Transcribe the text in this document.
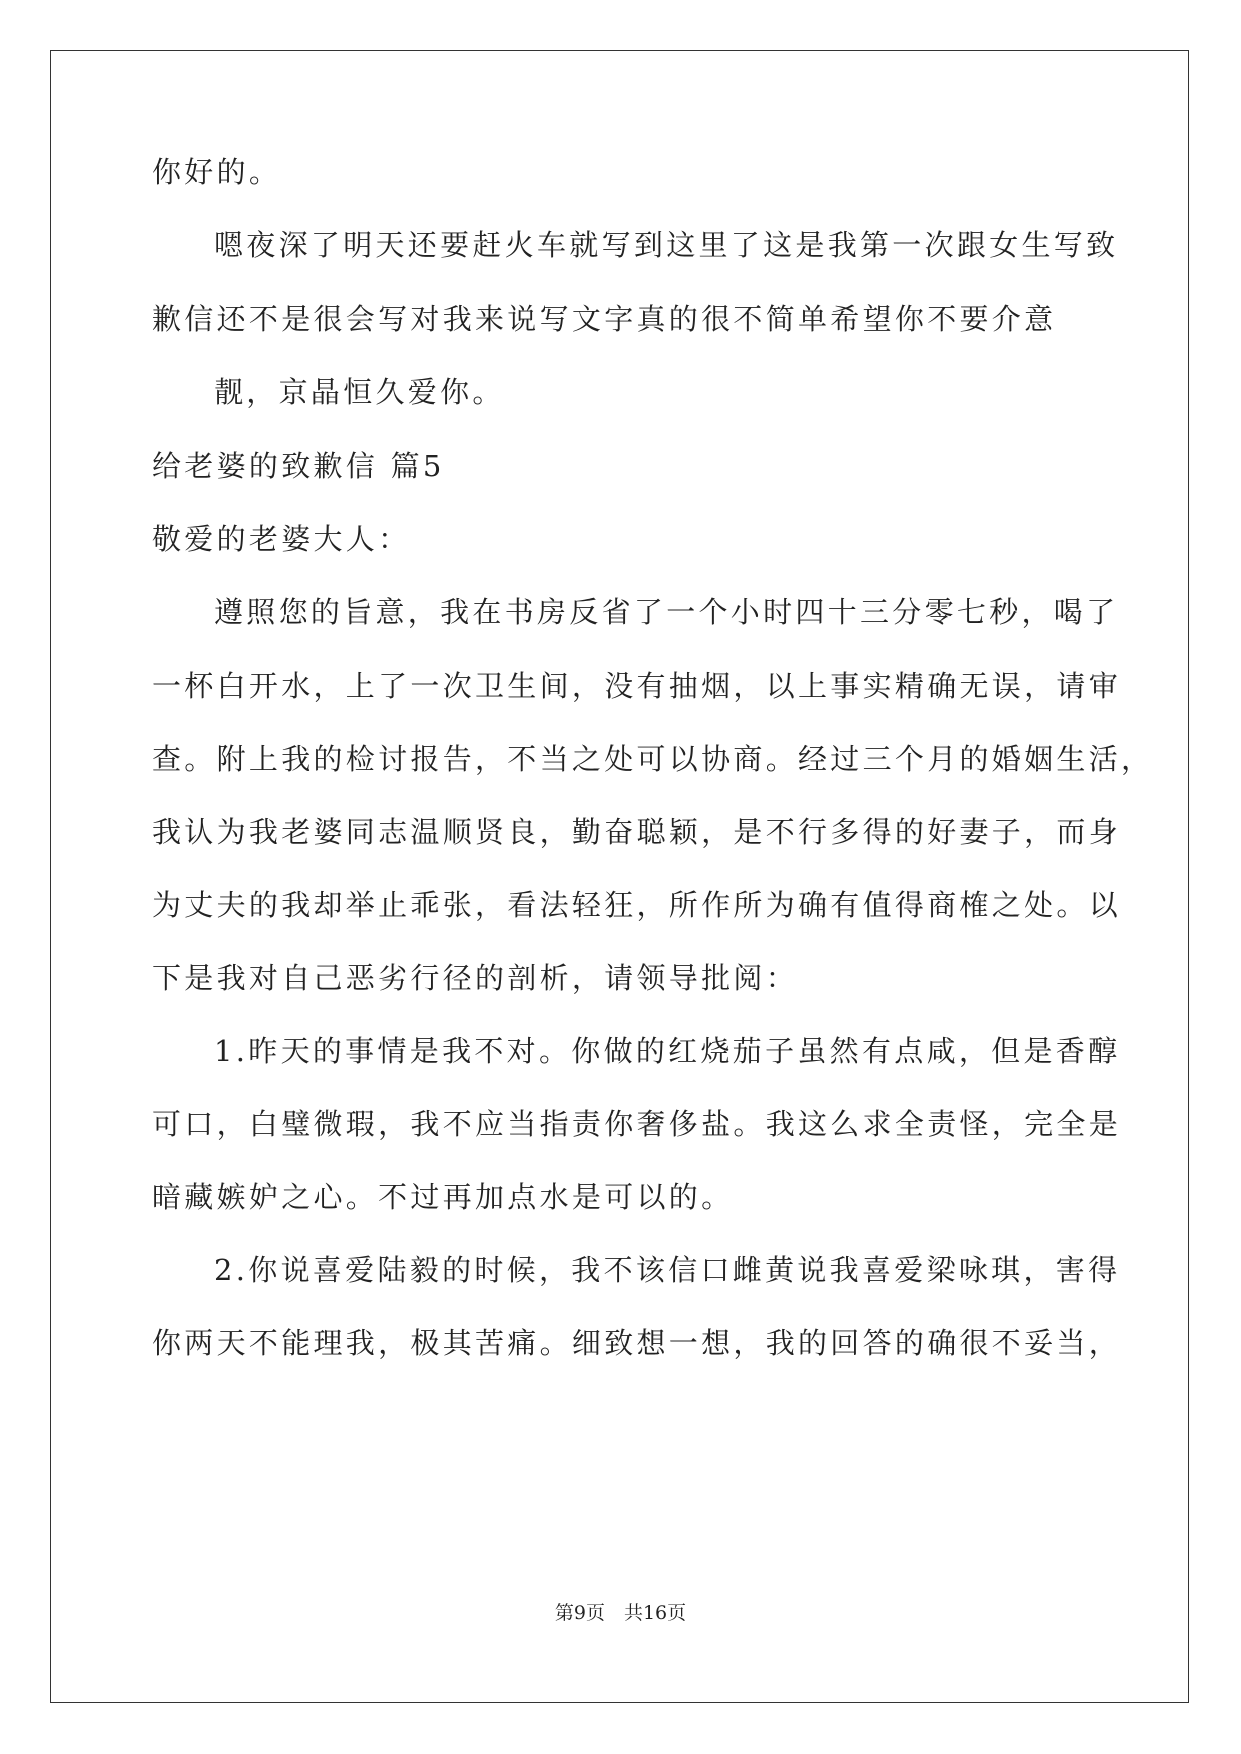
你好的。
嗯夜深了明天还要赶火车就写到这里了这是我第一次跟女生写致
歉信还不是很会写对我来说写文字真的很不简单希望你不要介意
靓，京晶恒久爱你。
给老婆的致歉信 篇5
敬爱的老婆大人：
遵照您的旨意，我在书房反省了一个小时四十三分零七秒，喝了
一杯白开水，上了一次卫生间，没有抽烟，以上事实精确无误，请审
查。附上我的检讨报告，不当之处可以协商。经过三个月的婚姻生活，
我认为我老婆同志温顺贤良，勤奋聪颖，是不行多得的好妻子，而身
为丈夫的我却举止乖张，看法轻狂，所作所为确有值得商榷之处。以
下是我对自己恶劣行径的剖析，请领导批阅：
1.昨天的事情是我不对。你做的红烧茄子虽然有点咸，但是香醇
可口，白璧微瑕，我不应当指责你奢侈盐。我这么求全责怪，完全是
暗藏嫉妒之心。不过再加点水是可以的。
2.你说喜爱陆毅的时候，我不该信口雌黄说我喜爱梁咏琪，害得
你两天不能理我，极其苦痛。细致想一想，我的回答的确很不妥当，
第9页　共16页
